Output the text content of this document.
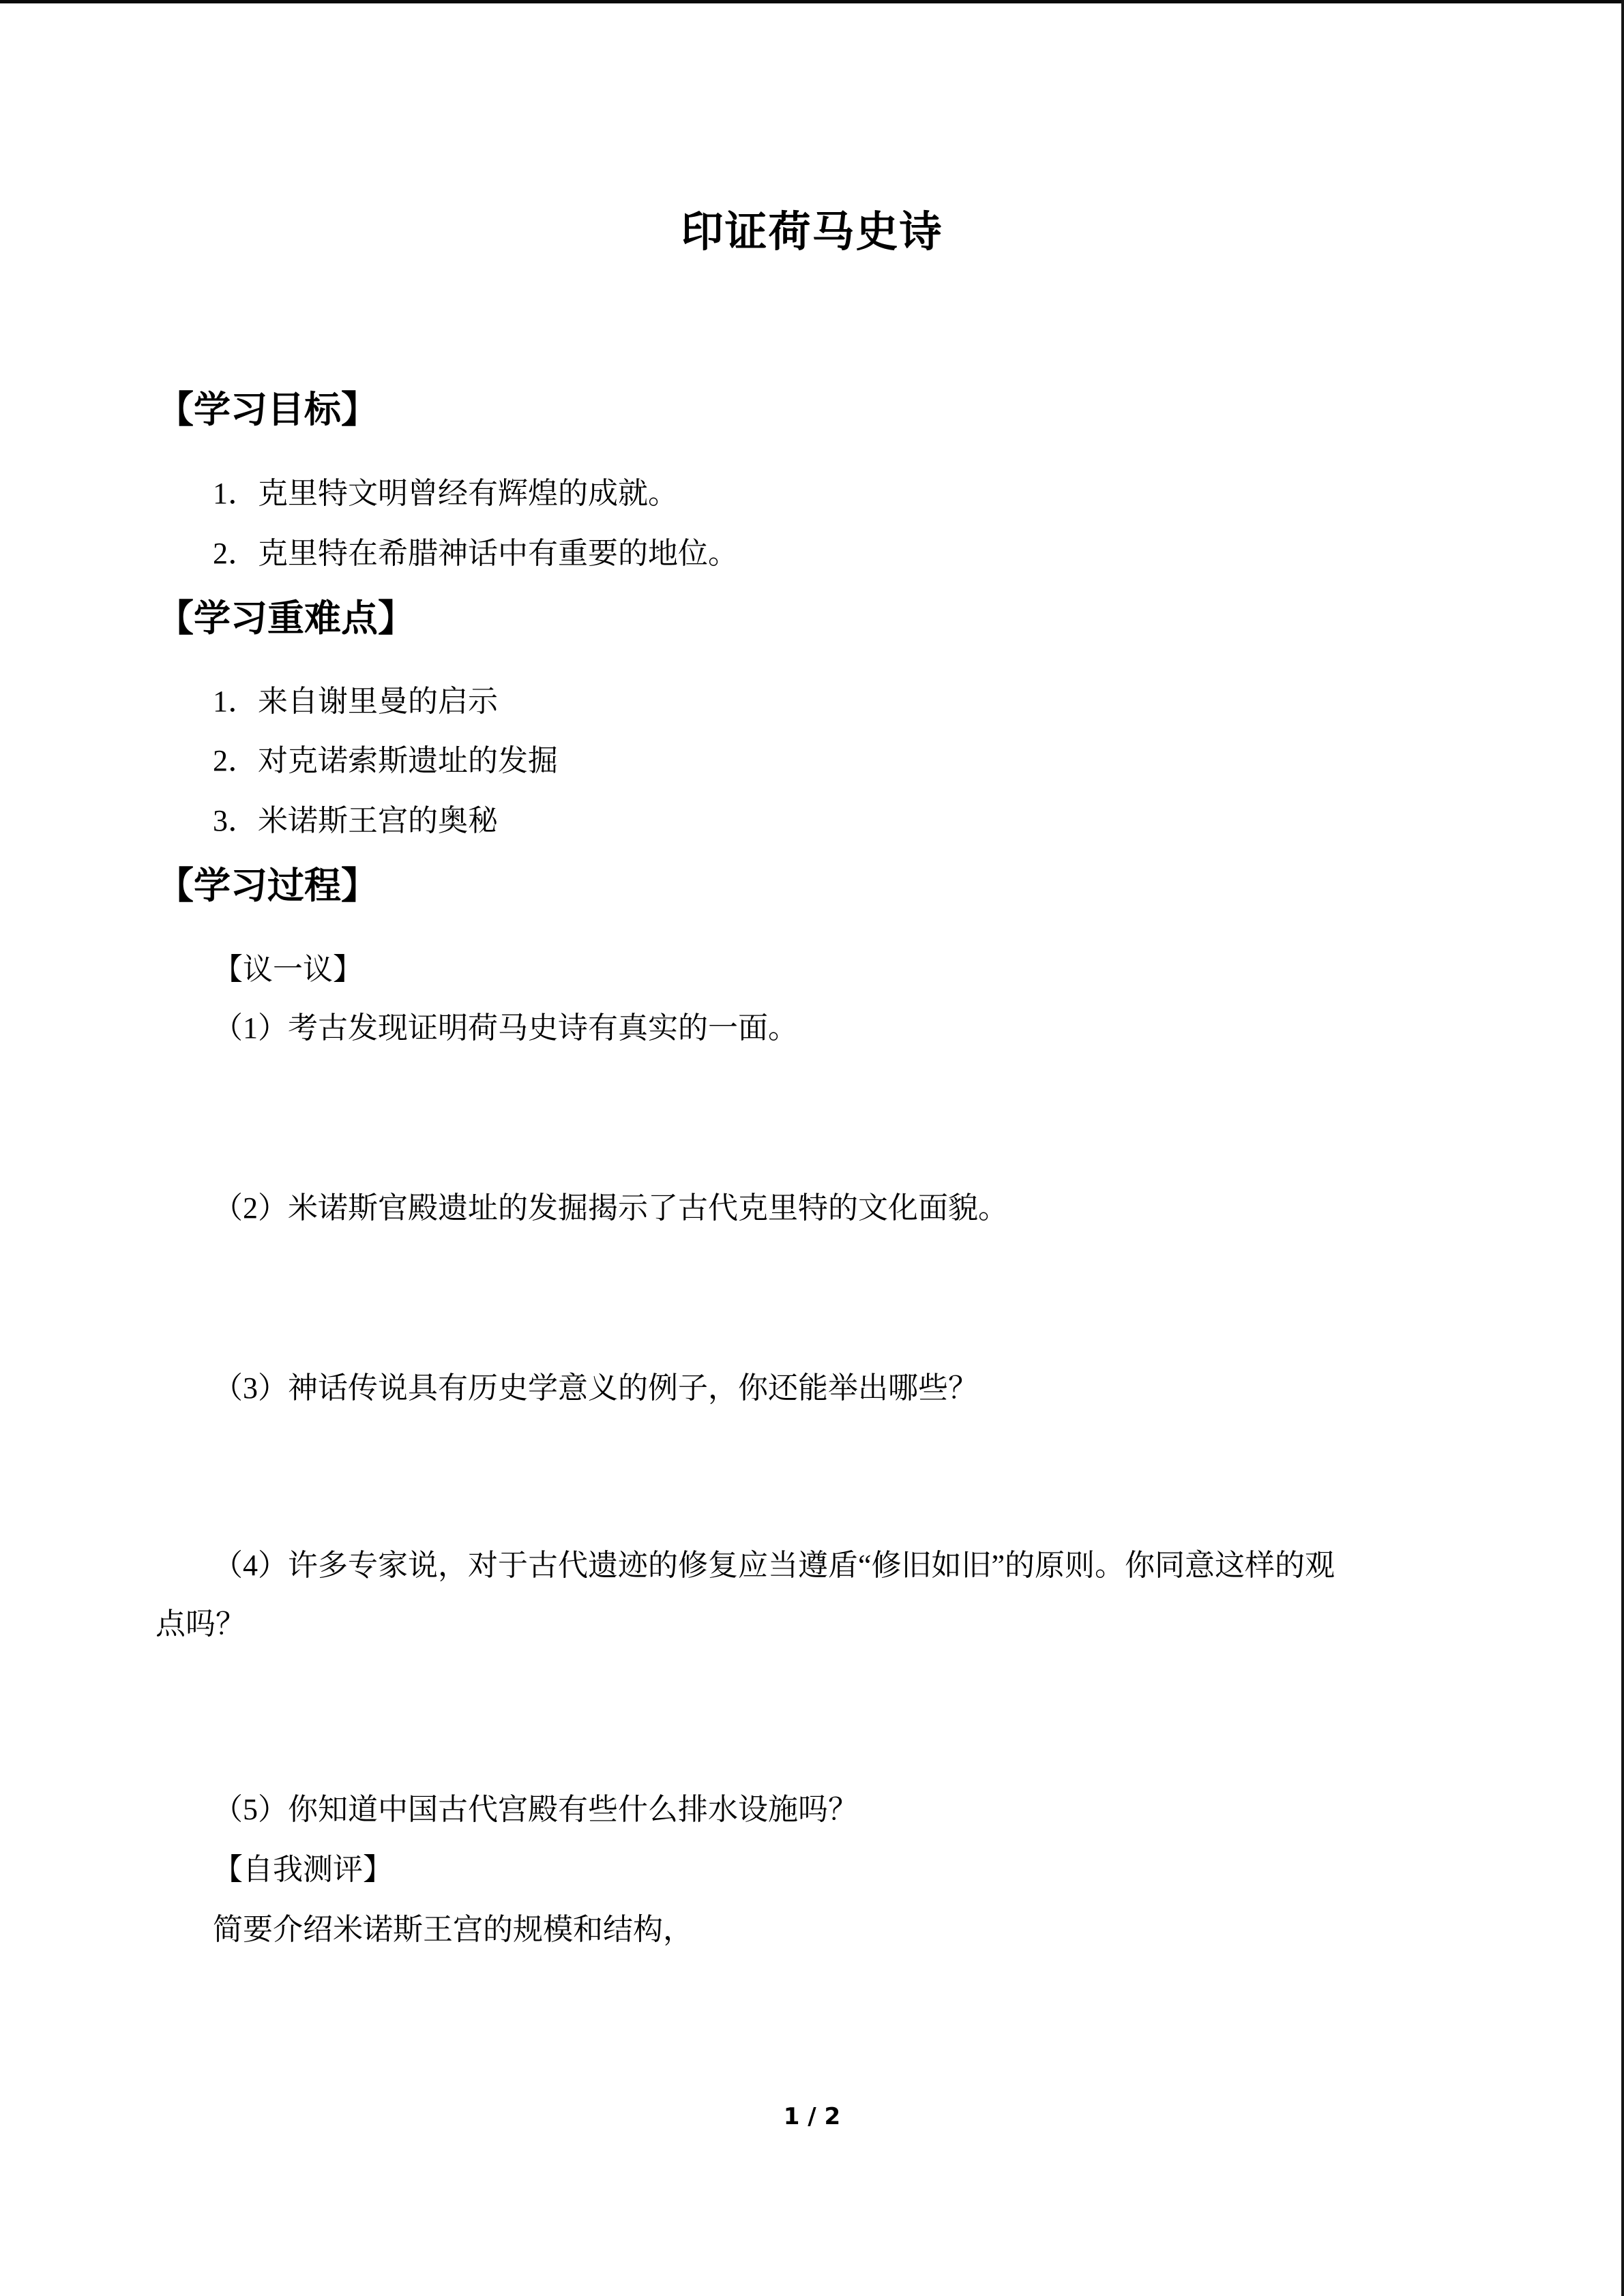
印证荷马史诗
【学习目标】
1．克里特文明曾经有辉煌的成就。
2．克里特在希腊神话中有重要的地位。
【学习重难点】
1．来自谢里曼的启示
2．对克诺索斯遗址的发掘
3．米诺斯王宫的奥秘
【学习过程】
【议一议】
（1）考古发现证明荷马史诗有真实的一面。
（2）米诺斯官殿遗址的发掘揭示了古代克里特的文化面貌。
（3）神话传说具有历史学意义的例子，你还能举出哪些？
（4）许多专家说，对于古代遗迹的修复应当遵盾“修旧如旧”的原则。你同意这样的观
点吗？
（5）你知道中国古代宫殿有些什么排水设施吗？
【自我测评】
简要介绍米诺斯王宫的规模和结构，
1 / 2
